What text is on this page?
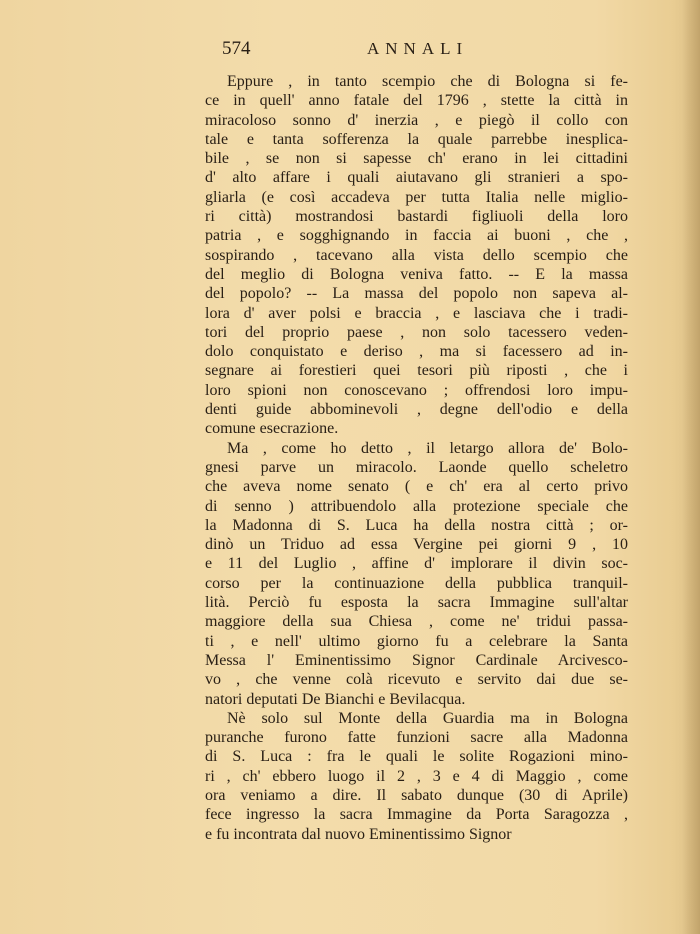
574	ANNALI
Eppure , in tanto scempio che di Bologna si fe-
ce in quell' anno fatale del 1796 , stette la città in
miracoloso sonno d' inerzia , e piegò il collo con
tale e tanta sofferenza la quale parrebbe inesplica-
bile , se non si sapesse ch' erano in lei cittadini
d' alto affare i quali aiutavano gli stranieri a spo-
gliarla (e così accadeva per tutta Italia nelle miglio-
ri città) mostrandosi bastardi figliuoli della loro
patria , e sogghignando in faccia ai buoni , che ,
sospirando , tacevano alla vista dello scempio che
del meglio di Bologna veniva fatto. -- E la massa
del popolo? -- La massa del popolo non sapeva al-
lora d' aver polsi e braccia , e lasciava che i tradi-
tori del proprio paese , non solo tacessero veden-
dolo conquistato e deriso , ma si facessero ad in-
segnare ai forestieri quei tesori più riposti , che i
loro spioni non conoscevano ; offrendosi loro impu-
denti guide abbominevoli , degne dell'odio e della
comune esecrazione.
Ma , come ho detto , il letargo allora de' Bolo-
gnesi parve un miracolo. Laonde quello scheletro
che aveva nome senato ( e ch' era al certo privo
di senno ) attribuendolo alla protezione speciale che
la Madonna di S. Luca ha della nostra città ; or-
dinò un Triduo ad essa Vergine pei giorni 9 , 10
e 11 del Luglio , affine d' implorare il divin soc-
corso per la continuazione della pubblica tranquil-
lità. Perciò fu esposta la sacra Immagine sull'altar
maggiore della sua Chiesa , come ne' tridui passa-
ti , e nell' ultimo giorno fu a celebrare la Santa
Messa l' Eminentissimo Signor Cardinale Arcivesco-
vo , che venne colà ricevuto e servito dai due se-
natori deputati De Bianchi e Bevilacqua.
Nè solo sul Monte della Guardia ma in Bologna
puranche furono fatte funzioni sacre alla Madonna
di S. Luca : fra le quali le solite Rogazioni mino-
ri , ch' ebbero luogo il 2 , 3 e 4 di Maggio , come
ora veniamo a dire. Il sabato dunque (30 di Aprile)
fece ingresso la sacra Immagine da Porta Saragozza ,
e fu incontrata dal nuovo Eminentissimo Signor
